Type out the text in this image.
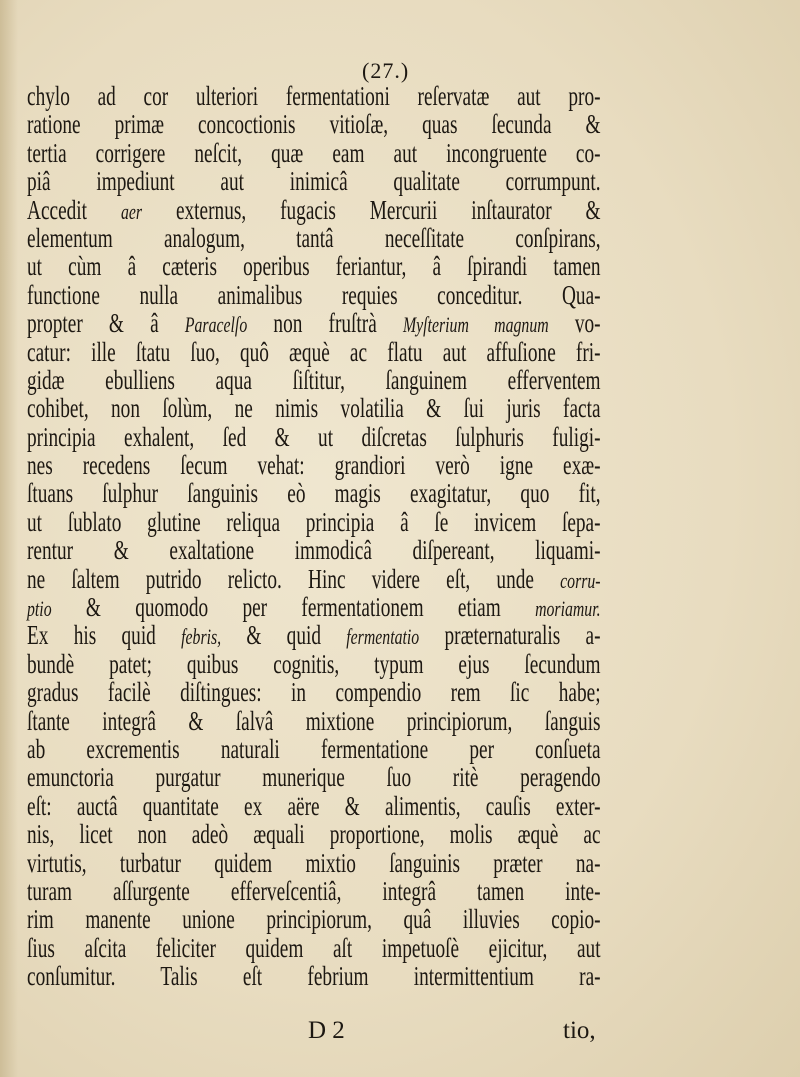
(27.)
chylo ad cor ulteriori fermentationi reſervatæ aut pro-
ratione primæ concoctionis vitioſæ, quas ſecunda &
tertia corrigere neſcit, quæ eam aut incongruente co-
piâ impediunt aut inimicâ qualitate corrumpunt.
Accedit aer externus, fugacis Mercurii inſtaurator &
elementum analogum, tantâ neceſſitate conſpirans,
ut cùm â cæteris operibus feriantur, â ſpirandi tamen
functione nulla animalibus requies conceditur. Qua-
propter & â Paracelſo non fruſtrà Myſterium magnum vo-
catur: ille ſtatu ſuo, quô æquè ac flatu aut affuſione fri-
gidæ ebulliens aqua ſiſtitur, ſanguinem efferventem
cohibet, non ſolùm, ne nimis volatilia & ſui juris facta
principia exhalent, ſed & ut diſcretas ſulphuris fuligi-
nes recedens ſecum vehat: grandiori verò igne exæ-
ſtuans ſulphur ſanguinis eò magis exagitatur, quo fit,
ut ſublato glutine reliqua principia â ſe invicem ſepa-
rentur & exaltatione immodicâ diſpereant, liquami-
ne ſaltem putrido relicto. Hinc videre eſt, unde corru-
ptio & quomodo per fermentationem etiam moriamur.
Ex his quid febris, & quid fermentatio præternaturalis a-
bundè patet; quibus cognitis, typum ejus ſecundum
gradus facilè diſtingues: in compendio rem ſic habe;
ſtante integrâ & ſalvâ mixtione principiorum, ſanguis
ab excrementis naturali fermentatione per conſueta
emunctoria purgatur munerique ſuo ritè peragendo
eſt: auctâ quantitate ex aëre & alimentis, cauſis exter-
nis, licet non adeò æquali proportione, molis æquè ac
virtutis, turbatur quidem mixtio ſanguinis præter na-
turam aſſurgente efferveſcentiâ, integrâ tamen inte-
rim manente unione principiorum, quâ illuvies copio-
ſius aſcita feliciter quidem aſt impetuoſè ejicitur, aut
conſumitur. Talis eſt febrium intermittentium ra-
D 2	tio,
